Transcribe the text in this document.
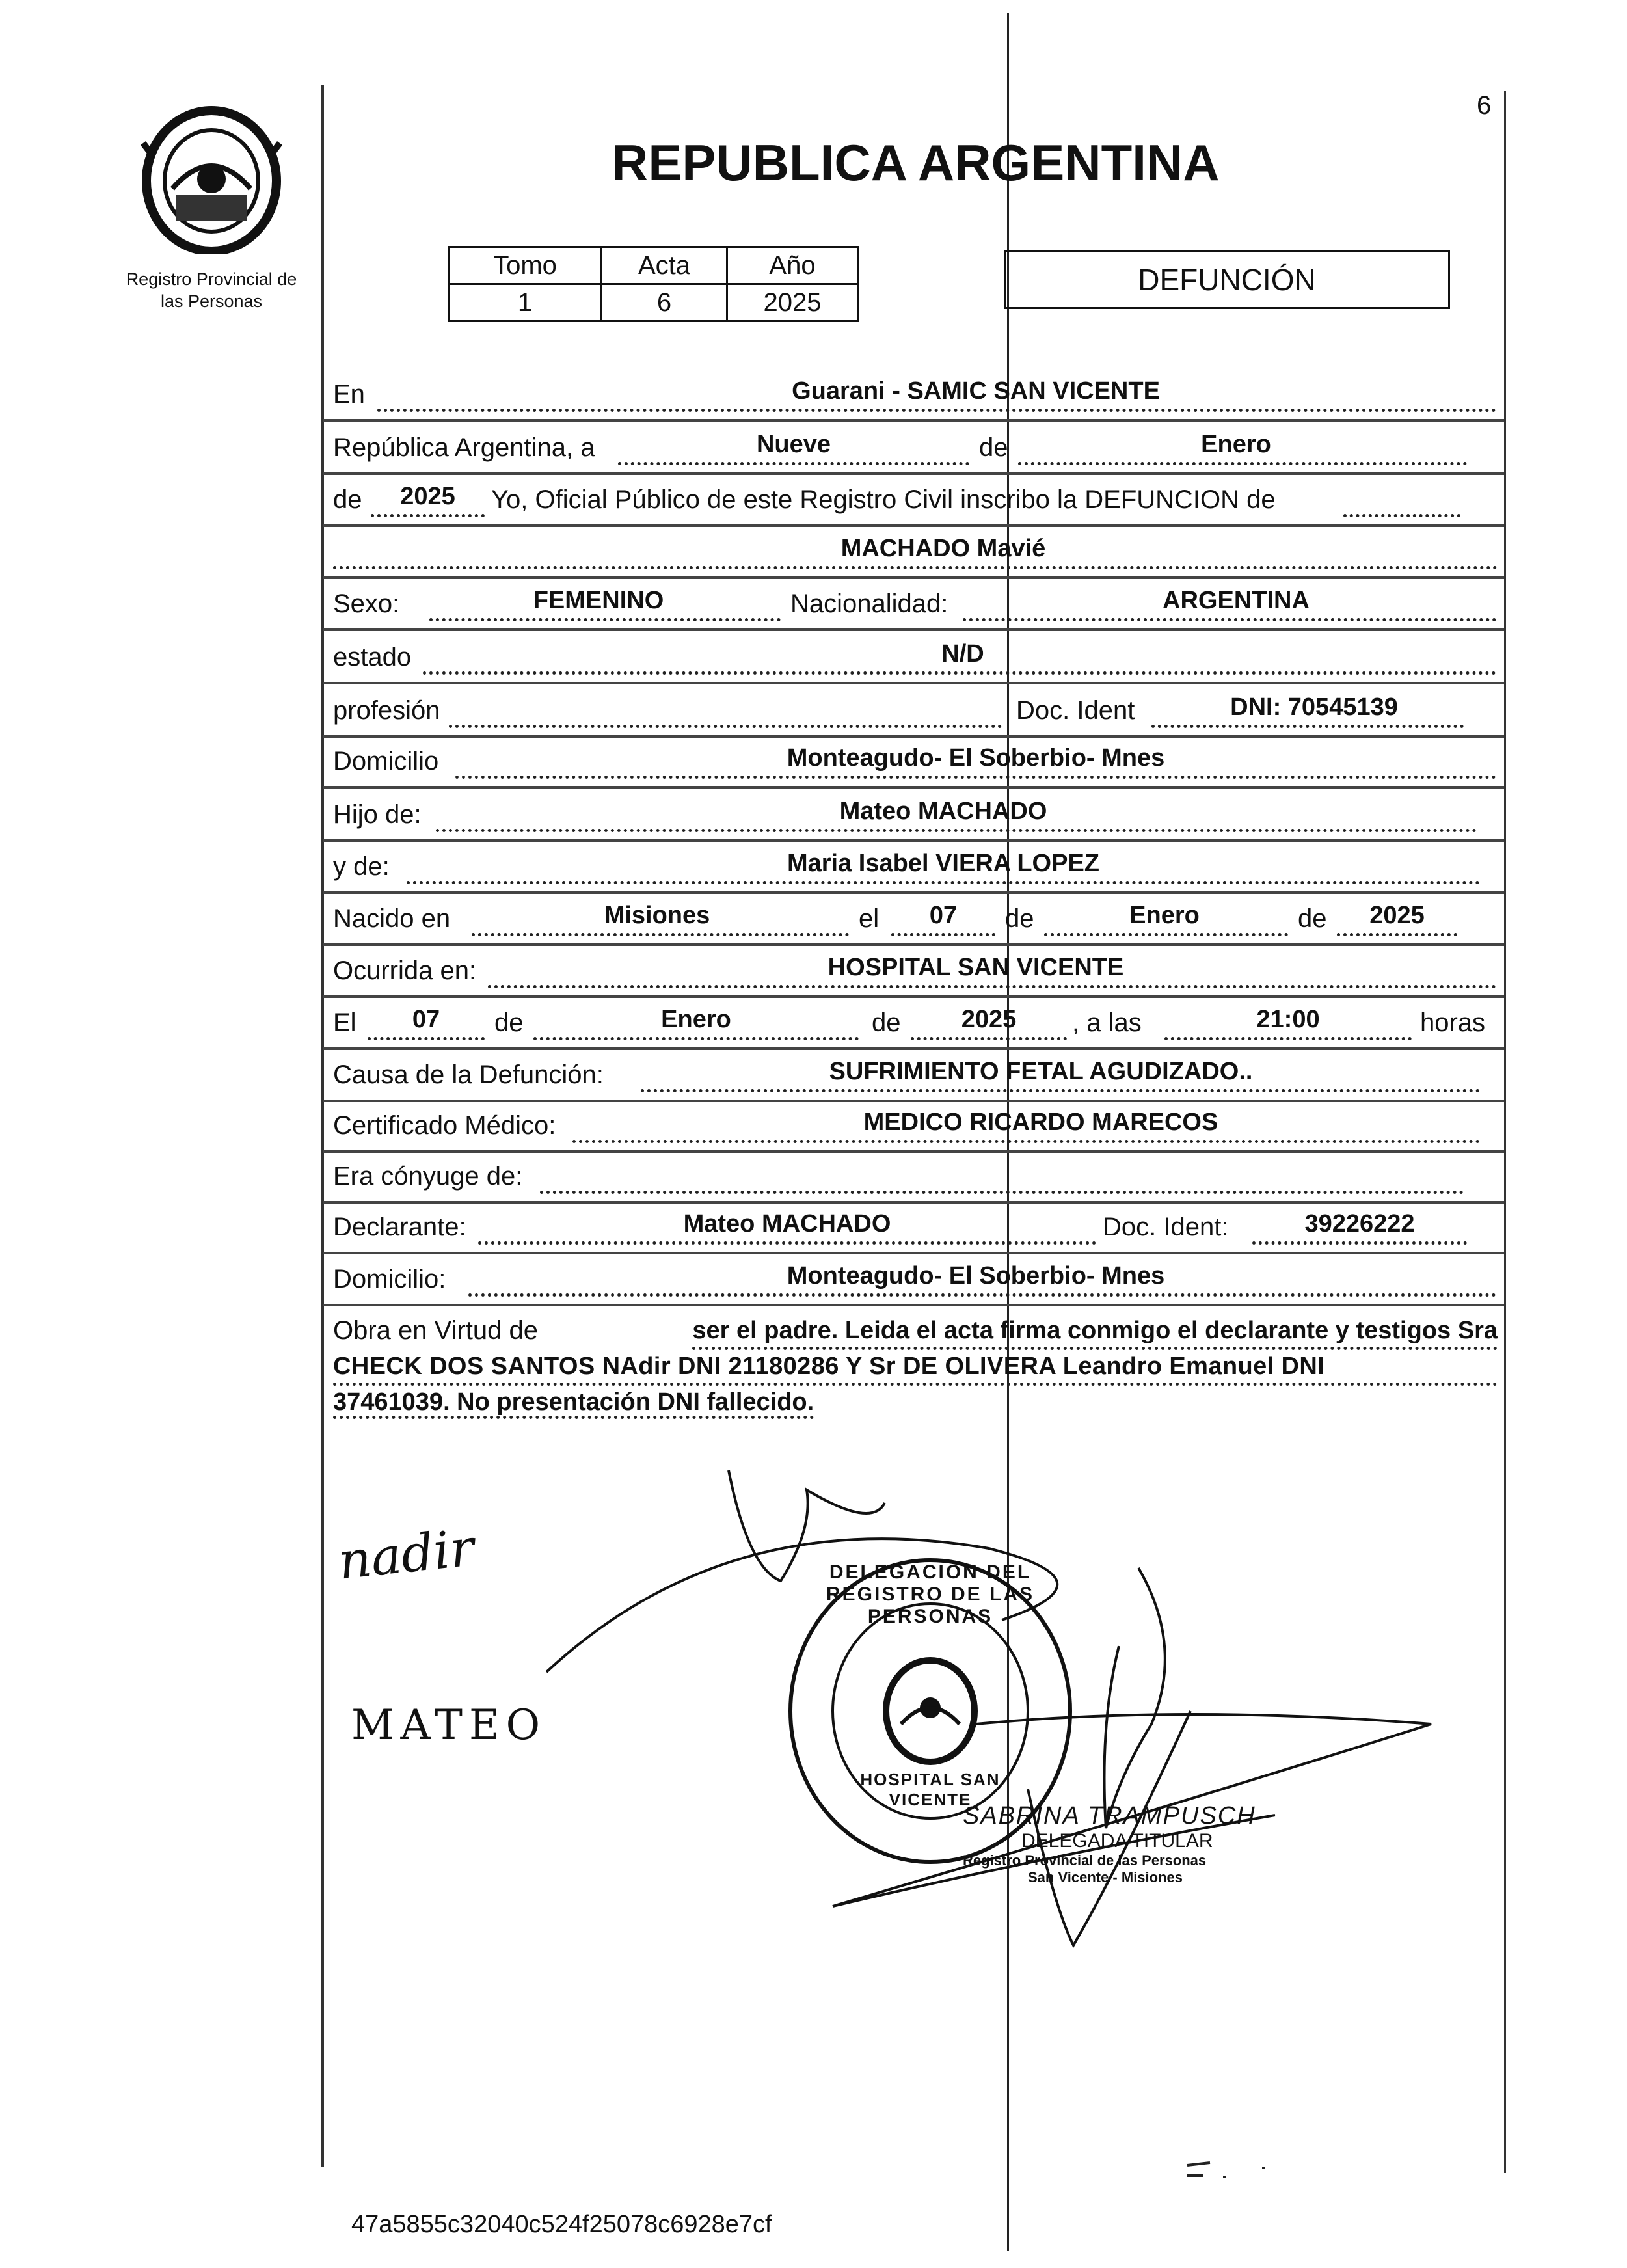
6
Registro Provincial de
las Personas
REPUBLICA ARGENTINA
Tomo	Acta	Año
1	6	2025
DEFUNCIÓN
En	Guarani - SAMIC SAN VICENTE
República Argentina, a	Nueve	de	Enero
de	2025	Yo, Oficial Público de este Registro Civil inscribo la DEFUNCION de
MACHADO Mavié
Sexo:	FEMENINO	Nacionalidad:	ARGENTINA
estado	N/D
profesión	Doc. Ident	DNI: 70545139
Domicilio	Monteagudo- El Soberbio- Mnes
Hijo de:	Mateo MACHADO
y de:	Maria Isabel VIERA LOPEZ
Nacido en	Misiones	el	07	de	Enero	de	2025
Ocurrida en:	HOSPITAL SAN VICENTE
El	07	de	Enero	de	2025	, a las	21:00	horas
Causa de la Defunción:	SUFRIMIENTO FETAL AGUDIZADO..
Certificado Médico:	MEDICO RICARDO MARECOS
Era cónyuge de:
Declarante:	Mateo MACHADO	Doc. Ident:	39226222
Domicilio:	Monteagudo- El Soberbio- Mnes
Obra en Virtud de	ser el padre. Leida el acta firma conmigo el declarante y testigos Sra
CHECK DOS SANTOS NAdir DNI 21180286 Y Sr DE OLIVERA Leandro Emanuel DNI
37461039. No presentación DNI fallecido.
nadir
MATEO
DELEGACIÓN DEL REGISTRO DE LAS PERSONAS
HOSPITAL SAN VICENTE
SABRINA TRAMPUSCH
DELEGADA TITULAR
Registro Provincial de las Personas
San Vicente - Misiones
47a5855c32040c524f25078c6928e7cf
